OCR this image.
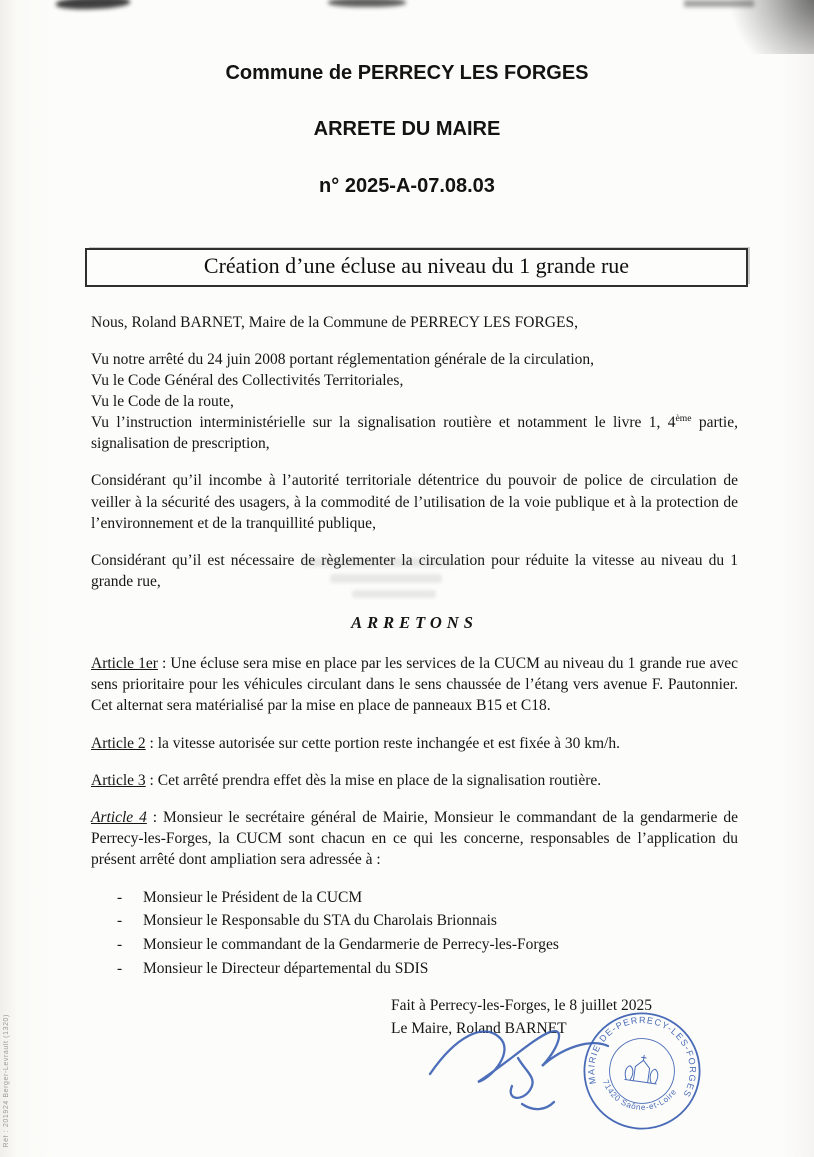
Réf : 201924 Berger-Levrault (1320)
Commune de PERRECY LES FORGES
ARRETE DU MAIRE
n° 2025-A-07.08.03
Création d’une écluse au niveau du 1 grande rue

Nous, Roland BARNET, Maire de la Commune de PERRECY LES FORGES,

Vu notre arrêté du 24 juin 2008 portant réglementation générale de la circulation,
Vu le Code Général des Collectivités Territoriales,
Vu le Code de la route,
Vu l’instruction interministérielle sur la signalisation routière et notamment le livre 1, 4ème partie, signalisation de prescription,

Considérant qu’il incombe à l’autorité territoriale détentrice du pouvoir de police de circulation de veiller à la sécurité des usagers, à la commodité de l’utilisation de la voie publique et à la protection de l’environnement et de la tranquillité publique,

Considérant qu’il est nécessaire de règlementer la circulation pour réduite la vitesse au niveau du 1 grande rue,

ARRETONS

Article 1er : Une écluse sera mise en place par les services de la CUCM au niveau du 1 grande rue avec sens prioritaire pour les véhicules circulant dans le sens chaussée de l’étang vers avenue F. Pautonnier. Cet alternat sera matérialisé par la mise en place de panneaux B15 et C18.

Article 2 : la vitesse autorisée sur cette portion reste inchangée et est fixée à 30 km/h.

Article 3 : Cet arrêté prendra effet dès la mise en place de la signalisation routière.

Article 4 : Monsieur le secrétaire général de Mairie, Monsieur le commandant de la gendarmerie de Perrecy-les-Forges, la CUCM sont chacun en ce qui les concerne, responsables de l’application du présent arrêté dont ampliation sera adressée à :

-	Monsieur le Président de la CUCM
-	Monsieur le Responsable du STA du Charolais Brionnais
-	Monsieur le commandant de la Gendarmerie de Perrecy-les-Forges
-	Monsieur le Directeur départemental du SDIS
Fait à Perrecy-les-Forges, le 8 juillet 2025
Le Maire, Roland BARNET
MAIRIE-DE-PERRECY-LES-FORGES
71420 Saône-et-Loire
